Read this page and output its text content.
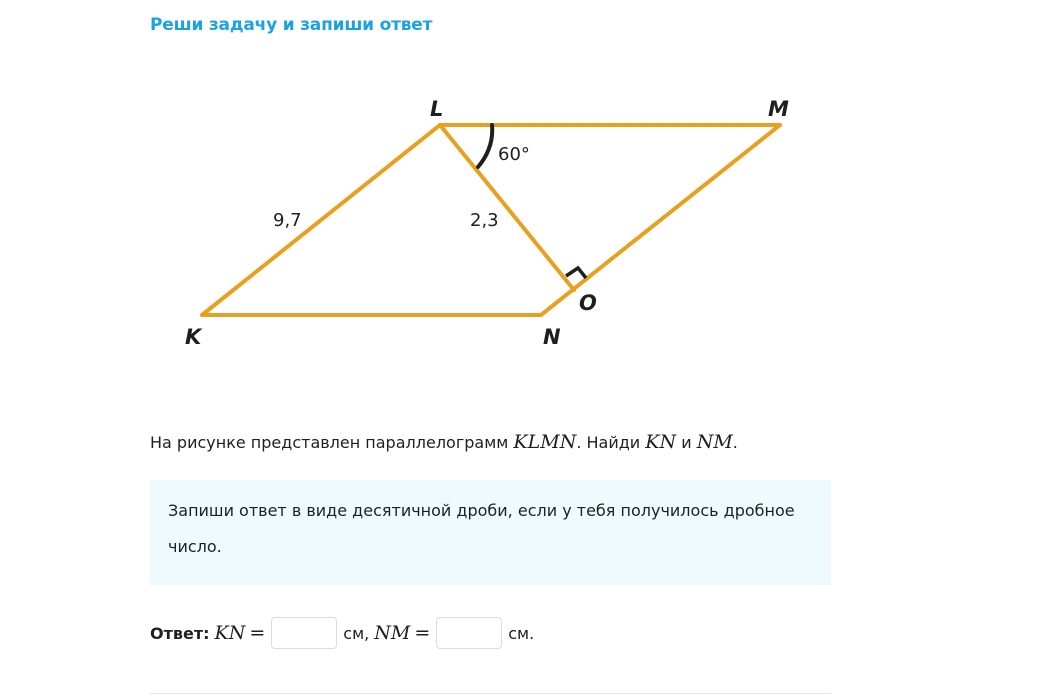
Реши задачу и запиши ответ
L	M
K	N
O
9,7	2,3
60°
На рисунке представлен параллелограмм KLMN. Найди KN и NM.
Запиши ответ в виде десятичной дроби, если у тебя получилось дробное число.
Ответ: KN =	см, NM =	см.
